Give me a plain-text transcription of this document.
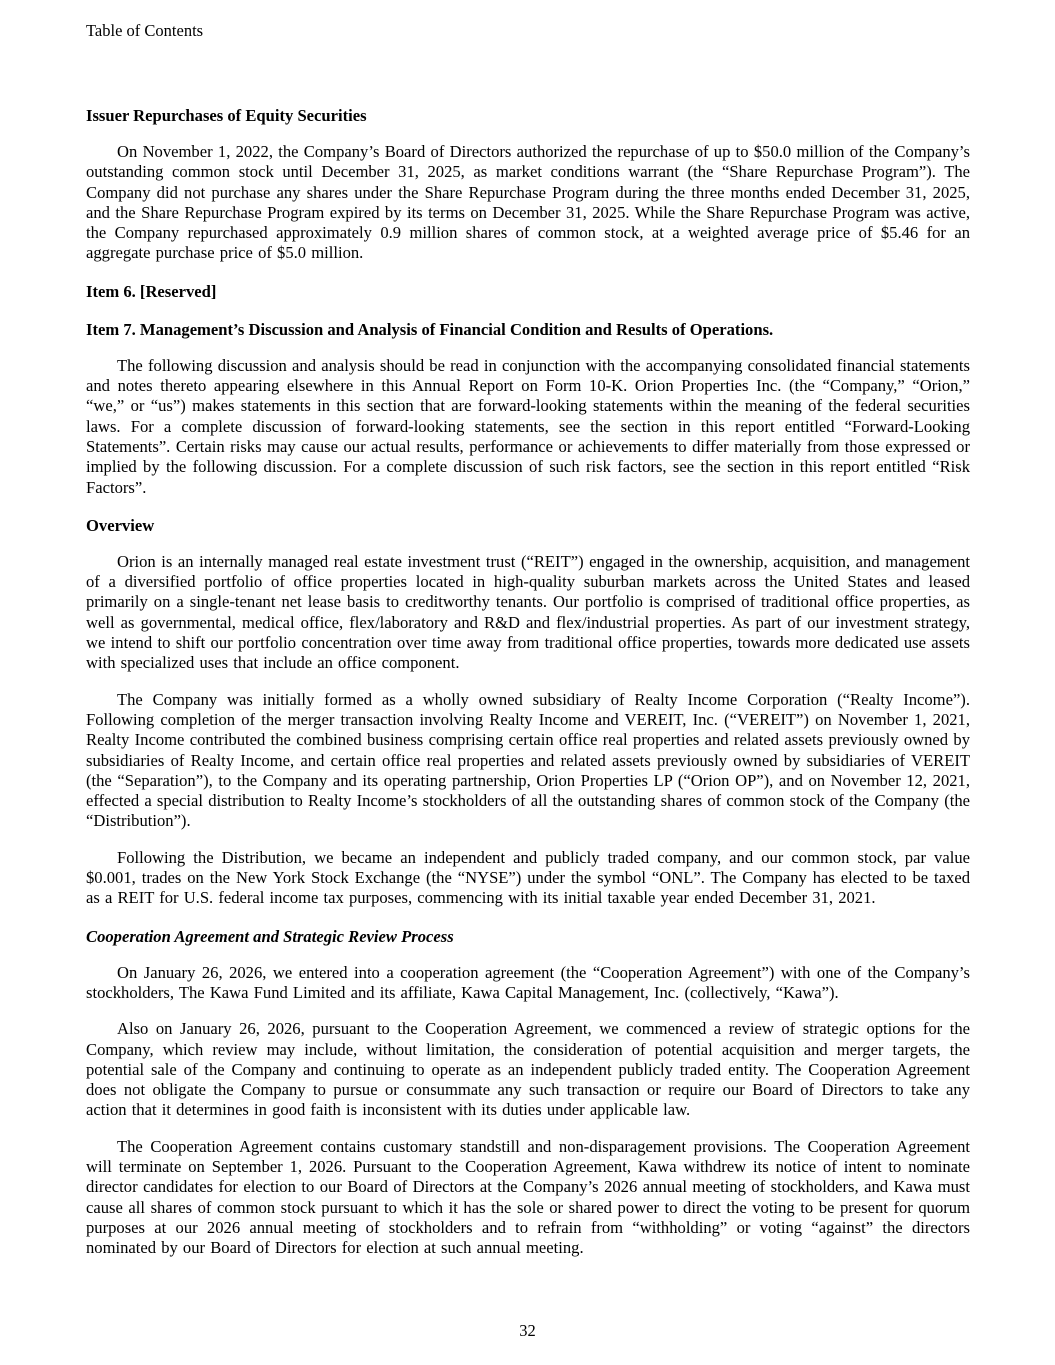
Table of Contents
Issuer Repurchases of Equity Securities

On November 1, 2022, the Company’s Board of Directors authorized the repurchase of up to $50.0 million of the Company’s outstanding common stock until December 31, 2025, as market conditions warrant (the “Share Repurchase Program”). The Company did not purchase any shares under the Share Repurchase Program during the three months ended December 31, 2025, and the Share Repurchase Program expired by its terms on December 31, 2025. While the Share Repurchase Program was active, the Company repurchased approximately 0.9 million shares of common stock, at a weighted average price of $5.46 for an aggregate purchase price of $5.0 million.

Item 6. [Reserved]
Item 7. Management’s Discussion and Analysis of Financial Condition and Results of Operations.

The following discussion and analysis should be read in conjunction with the accompanying consolidated financial statements and notes thereto appearing elsewhere in this Annual Report on Form 10-K. Orion Properties Inc. (the “Company,” “Orion,” “we,” or “us”) makes statements in this section that are forward-looking statements within the meaning of the federal securities laws. For a complete discussion of forward-looking statements, see the section in this report entitled “Forward-Looking Statements”. Certain risks may cause our actual results, performance or achievements to differ materially from those expressed or implied by the following discussion. For a complete discussion of such risk factors, see the section in this report entitled “Risk Factors”.

Overview

Orion is an internally managed real estate investment trust (“REIT”) engaged in the ownership, acquisition, and management of a diversified portfolio of office properties located in high-quality suburban markets across the United States and leased primarily on a single-tenant net lease basis to creditworthy tenants. Our portfolio is comprised of traditional office properties, as well as governmental, medical office, flex/laboratory and R&D and flex/industrial properties. As part of our investment strategy, we intend to shift our portfolio concentration over time away from traditional office properties, towards more dedicated use assets with specialized uses that include an office component.

The Company was initially formed as a wholly owned subsidiary of Realty Income Corporation (“Realty Income”). Following completion of the merger transaction involving Realty Income and VEREIT, Inc. (“VEREIT”) on November 1, 2021, Realty Income contributed the combined business comprising certain office real properties and related assets previously owned by subsidiaries of Realty Income, and certain office real properties and related assets previously owned by subsidiaries of VEREIT (the “Separation”), to the Company and its operating partnership, Orion Properties LP (“Orion OP”), and on November 12, 2021, effected a special distribution to Realty Income’s stockholders of all the outstanding shares of common stock of the Company (the “Distribution”).

Following the Distribution, we became an independent and publicly traded company, and our common stock, par value $0.001, trades on the New York Stock Exchange (the “NYSE”) under the symbol “ONL”. The Company has elected to be taxed as a REIT for U.S. federal income tax purposes, commencing with its initial taxable year ended December 31, 2021.

Cooperation Agreement and Strategic Review Process

On January 26, 2026, we entered into a cooperation agreement (the “Cooperation Agreement”) with one of the Company’s stockholders, The Kawa Fund Limited and its affiliate, Kawa Capital Management, Inc. (collectively, “Kawa”).

Also on January 26, 2026, pursuant to the Cooperation Agreement, we commenced a review of strategic options for the Company, which review may include, without limitation, the consideration of potential acquisition and merger targets, the potential sale of the Company and continuing to operate as an independent publicly traded entity. The Cooperation Agreement does not obligate the Company to pursue or consummate any such transaction or require our Board of Directors to take any action that it determines in good faith is inconsistent with its duties under applicable law.

The Cooperation Agreement contains customary standstill and non-disparagement provisions. The Cooperation Agreement will terminate on September 1, 2026. Pursuant to the Cooperation Agreement, Kawa withdrew its notice of intent to nominate director candidates for election to our Board of Directors at the Company’s 2026 annual meeting of stockholders, and Kawa must cause all shares of common stock pursuant to which it has the sole or shared power to direct the voting to be present for quorum purposes at our 2026 annual meeting of stockholders and to refrain from “withholding” or voting “against” the directors nominated by our Board of Directors for election at such annual meeting.

32
